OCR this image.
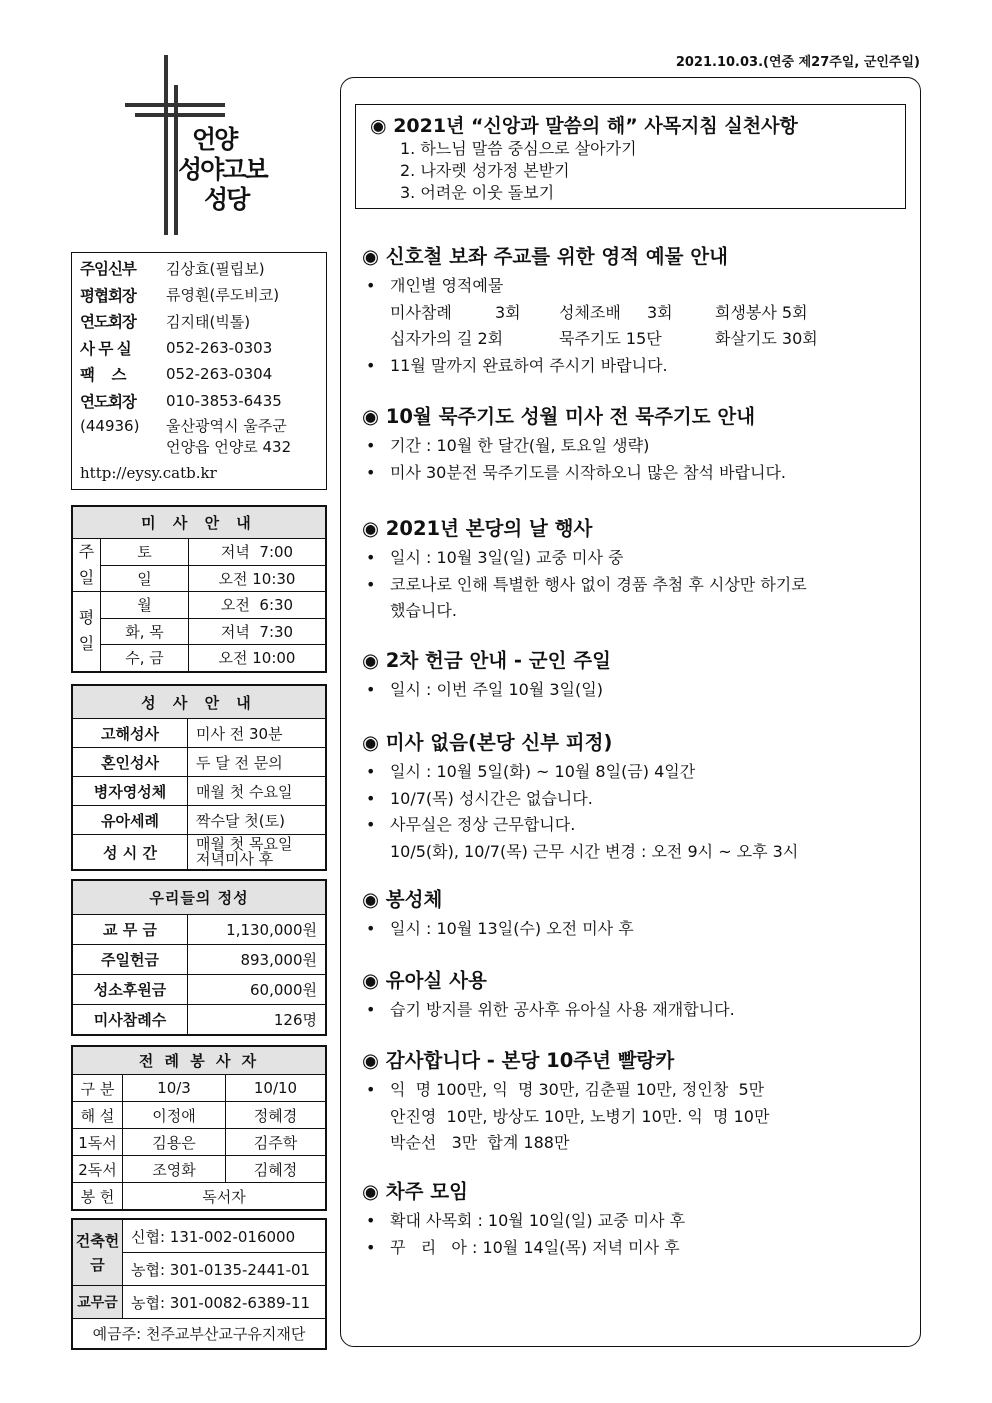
2021.10.03.(연중 제27주일, 군인주일)
언양
성야고보
성당
주임신부	김상효(필립보)
평협회장	류영훤(루도비코)
연도회장	김지태(빅톨)
사 무 실	052-263-0303
팩    스	052-263-0304
연도회장	010-3853-6435
(44936)	울산광역시 울주군
언양읍 언양로 432
http://eysy.catb.kr
미 사 안 내		
주일	토	저녁  7:00
	일	오전 10:30
평일	월	오전  6:30
	화, 목	저녁  7:30
	수, 금	오전 10:00
성 사 안 내	
고해성사	미사 전 30분
혼인성사	두 달 전 문의
병자영성체	매월 첫 수요일
유아세례	짝수달 첫(토)
성 시 간	매월 첫 목요일
저녁미사 후
우리들의 정성	
교 무 금	1,130,000원
주일헌금	893,000원
성소후원금	60,000원
미사참례수	126명
전 례 봉 사 자		
구 분	10/3	10/10
해 설	이정애	정혜경
1독서	김용은	김주학
2독서	조영화	김혜정
봉 헌	독서자	
건축헌금	신협: 131-002-016000
	농협: 301-0135-2441-01
교무금	농협: 301-0082-6389-11
예금주: 천주교부산교구유지재단	
◉ 2021년 “신앙과 말씀의 해” 사목지침 실천사항
1. 하느님 말씀 중심으로 살아가기
2. 나자렛 성가정 본받기
3. 어려운 이웃 돌보기
◉ 신호철 보좌 주교를 위한 영적 예물 안내
• 개인별 영적예물
미사참례	3회 성체조배 3회	희생봉사 5회
십자가의 길 2회	묵주기도 15단	화살기도 30회
• 11월 말까지 완료하여 주시기 바랍니다.
◉ 10월 묵주기도 성월 미사 전 묵주기도 안내
• 기간 : 10월 한 달간(월, 토요일 생략)
• 미사 30분전 묵주기도를 시작하오니 많은 참석 바랍니다.
◉ 2021년 본당의 날 행사
• 일시 : 10월 3일(일) 교중 미사 중
• 코로나로 인해 특별한 행사 없이 경품 추첨 후 시상만 하기로
했습니다.
◉ 2차 헌금 안내 - 군인 주일
• 일시 : 이번 주일 10월 3일(일)
◉ 미사 없음(본당 신부 피정)
• 일시 : 10월 5일(화) ~ 10월 8일(금) 4일간
• 10/7(목) 성시간은 없습니다.
• 사무실은 정상 근무합니다.
10/5(화), 10/7(목) 근무 시간 변경 : 오전 9시 ~ 오후 3시
◉ 봉성체
• 일시 : 10월 13일(수) 오전 미사 후
◉ 유아실 사용
• 습기 방지를 위한 공사후 유아실 사용 재개합니다.
◉ 감사합니다 - 본당 10주년 빨랑카
• 익  명 100만, 익  명 30만, 김춘필 10만, 정인창  5만
안진영  10만, 방상도 10만, 노병기 10만. 익  명 10만
박순선   3만  합계 188만
◉ 차주 모임
• 확대 사목회 : 10월 10일(일) 교중 미사 후
• 꾸   리   아 : 10월 14일(목) 저녁 미사 후
